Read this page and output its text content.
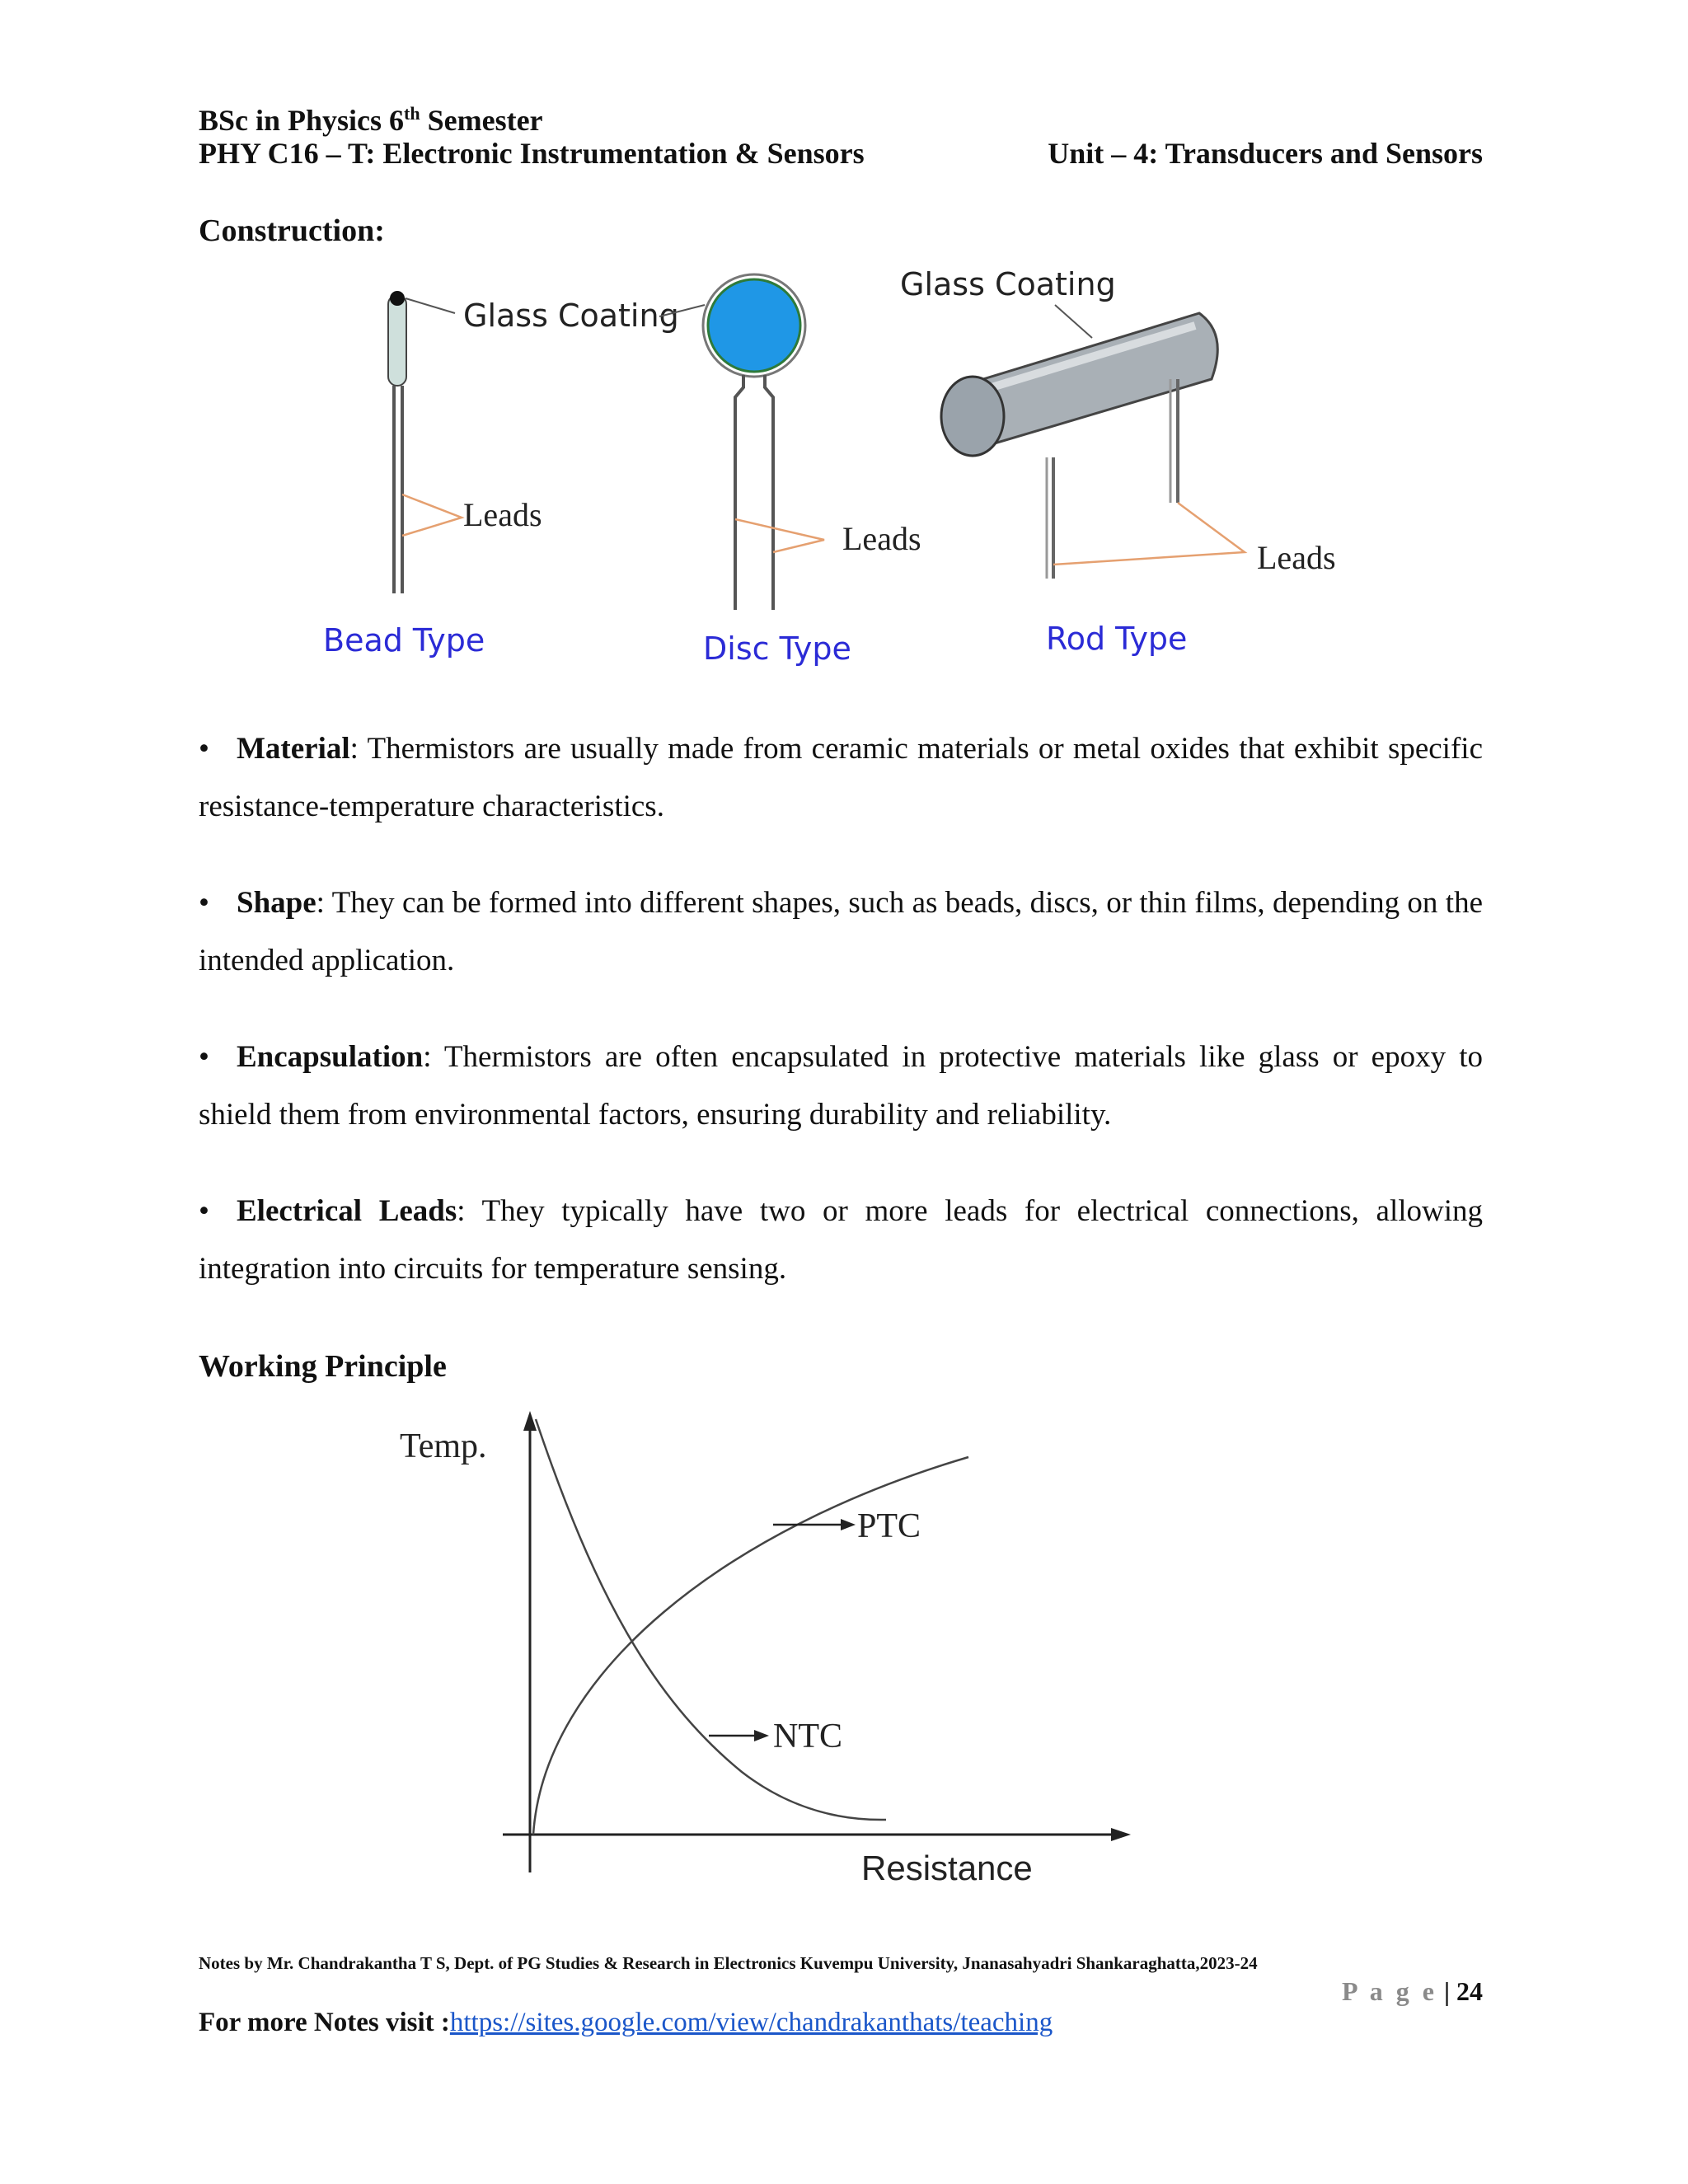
BSc in Physics 6th Semester
PHY C16 – T: Electronic Instrumentation & Sensors	Unit – 4: Transducers and Sensors
Construction:
Glass Coating
Leads
Bead Type
Leads
Disc Type
Glass Coating
Leads
Rod Type
• Material: Thermistors are usually made from ceramic materials or metal oxides that exhibit specific resistance-temperature characteristics.
• Shape: They can be formed into different shapes, such as beads, discs, or thin films, depending on the intended application.
• Encapsulation: Thermistors are often encapsulated in protective materials like glass or epoxy to shield them from environmental factors, ensuring durability and reliability.
• Electrical Leads: They typically have two or more leads for electrical connections, allowing integration into circuits for temperature sensing.
Working Principle
Temp.
PTC
NTC
Resistance
Notes by Mr. Chandrakantha T S, Dept. of PG Studies & Research in Electronics Kuvempu University, Jnanasahyadri Shankaraghatta,2023-24
P a g e | 24
For more Notes visit :https://sites.google.com/view/chandrakanthats/teaching
